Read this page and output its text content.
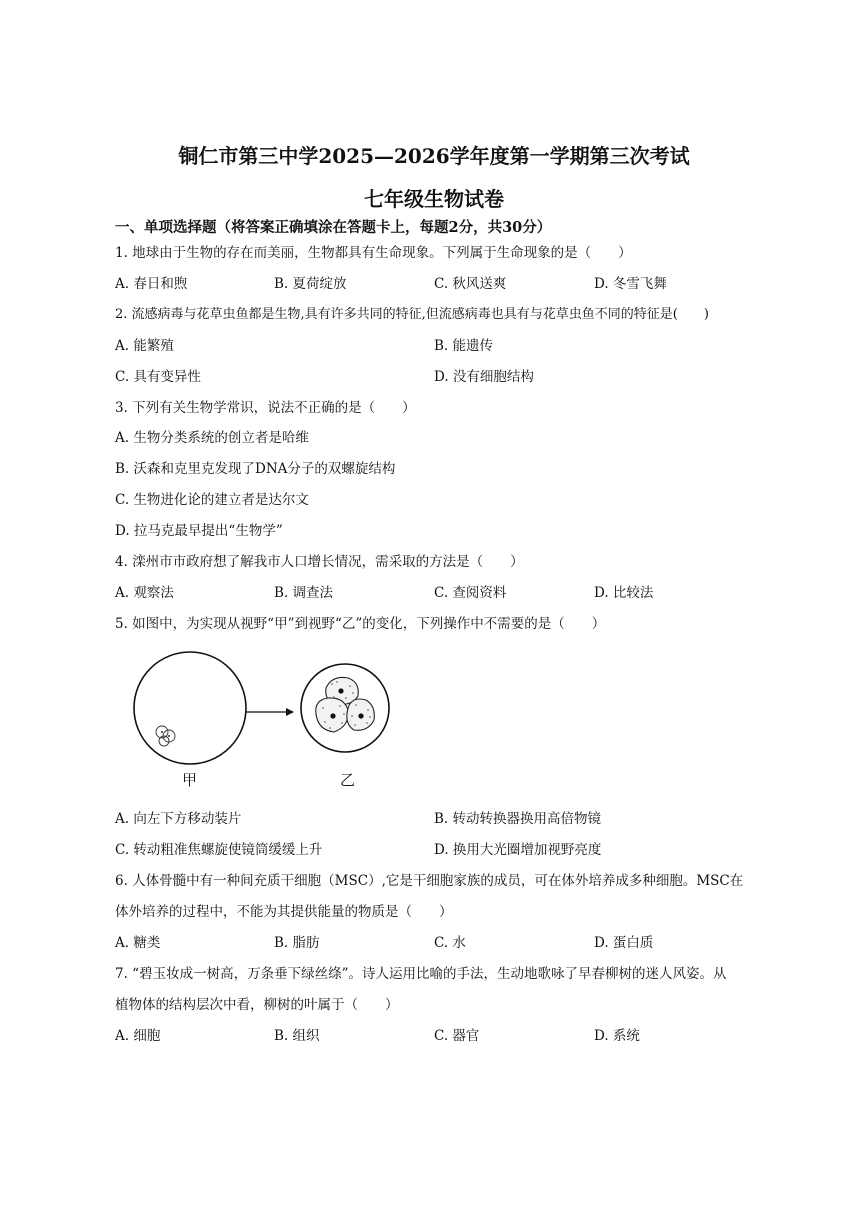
铜仁市第三中学2025—2026学年度第一学期第三次考试
七年级生物试卷
一、单项选择题（将答案正确填涂在答题卡上，每题2分，共30分）
1. 地球由于生物的存在而美丽，生物都具有生命现象。下列属于生命现象的是（　　）
A. 春日和煦	B. 夏荷绽放	C. 秋风送爽	D. 冬雪飞舞
2. 流感病毒与花草虫鱼都是生物,具有许多共同的特征,但流感病毒也具有与花草虫鱼不同的特征是(　　)
A. 能繁殖	B. 能遗传
C. 具有变异性	D. 没有细胞结构
3. 下列有关生物学常识，说法不正确的是（　　）
A. 生物分类系统的创立者是哈维
B. 沃森和克里克发现了DNA分子的双螺旋结构
C. 生物进化论的建立者是达尔文
D. 拉马克最早提出“生物学”
4. 滦州市市政府想了解我市人口增长情况，需采取的方法是（　　）
A. 观察法	B. 调查法	C. 查阅资料	D. 比较法
5. 如图中，为实现从视野“甲”到视野“乙”的变化，下列操作中不需要的是（　　）
甲	乙
A. 向左下方移动装片	B. 转动转换器换用高倍物镜
C. 转动粗准焦螺旋使镜筒缓缓上升	D. 换用大光圈增加视野亮度
6. 人体骨髓中有一种间充质干细胞（MSC）,它是干细胞家族的成员，可在体外培养成多种细胞。MSC在
体外培养的过程中，不能为其提供能量的物质是（　　）
A. 糖类	B. 脂肪	C. 水	D. 蛋白质
7. “碧玉妆成一树高，万条垂下绿丝绦”。诗人运用比喻的手法，生动地歌咏了早春柳树的迷人风姿。从
植物体的结构层次中看，柳树的叶属于（　　）
A. 细胞	B. 组织	C. 器官	D. 系统
